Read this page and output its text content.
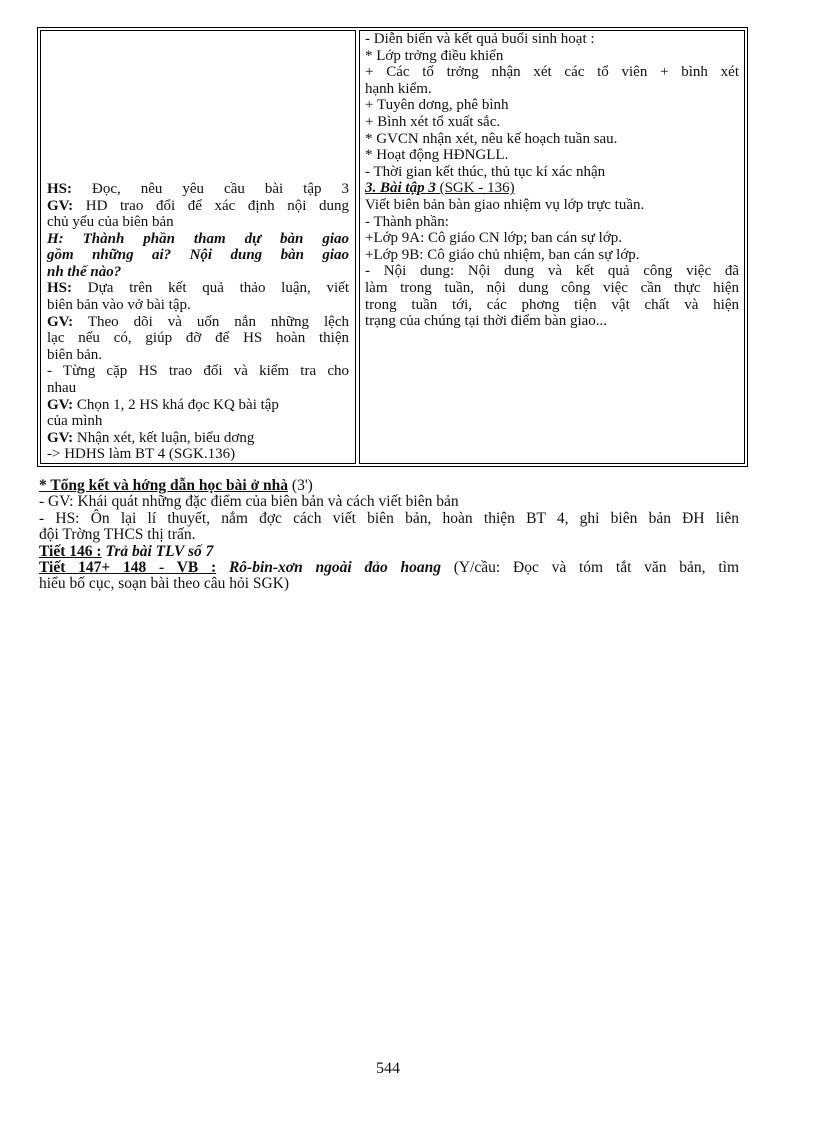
HS: Đọc, nêu yêu cầu bài tập 3
GV: HD trao đổi để xác định nội dung
chủ yếu của biên bản
H: Thành phần tham dự bàn giao
gồm những ai? Nội dung bàn giao
nh thế nào?
HS: Dựa trên kết quả thảo luận, viết
biên bản vào vở bài tập.
GV: Theo dõi và uốn nắn những lệch
lạc nếu có, giúp đỡ để HS hoàn thiện
biên bản.
- Từng cặp HS trao đổi và kiểm tra cho
nhau
GV: Chọn 1, 2 HS khá đọc KQ bài tập
của mình
GV: Nhận xét, kết luận, biểu dơng
-> HDHS làm BT 4 (SGK.136)
- Diễn biến và kết quả buổi sinh hoạt :
* Lớp trởng điều khiển
+ Các tổ trởng nhận xét các tổ viên + bình xét
hạnh kiểm.
+ Tuyên dơng, phê bình
+ Bình xét tổ xuất sắc.
* GVCN nhận xét, nêu kế hoạch tuần sau.
* Hoạt động HĐNGLL.
- Thời gian kết thúc, thủ tục kí xác nhận
3. Bài tập 3 (SGK - 136)
Viết biên bản bàn giao nhiệm vụ lớp trực tuần.
- Thành phần:
+Lớp 9A: Cô giáo CN lớp; ban cán sự lớp.
+Lớp 9B: Cô giáo chủ nhiệm, ban cán sự lớp.
- Nội dung: Nội dung và kết quả công việc đã
làm trong tuần, nội dung công việc cần thực hiện
trong tuần tới, các phơng tiện vật chất và hiện
trạng của chúng tại thời điểm bàn giao...
* Tổng kết và hớng dẫn học bài ở nhà (3')
- GV: Khái quát những đặc điểm của biên bản và cách viết biên bản
- HS: Ôn lại lí thuyết, nắm đợc cách viết biên bản, hoàn thiện BT 4, ghi biên bản ĐH liên
đội Trờng THCS thị trấn.
Tiết 146 : Trả bài TLV số 7
Tiết 147+ 148 - VB : Rô-bin-xơn ngoài đảo hoang (Y/cầu: Đọc và tóm tắt văn bản, tìm
hiểu bố cục, soạn bài theo câu hỏi SGK)
544
